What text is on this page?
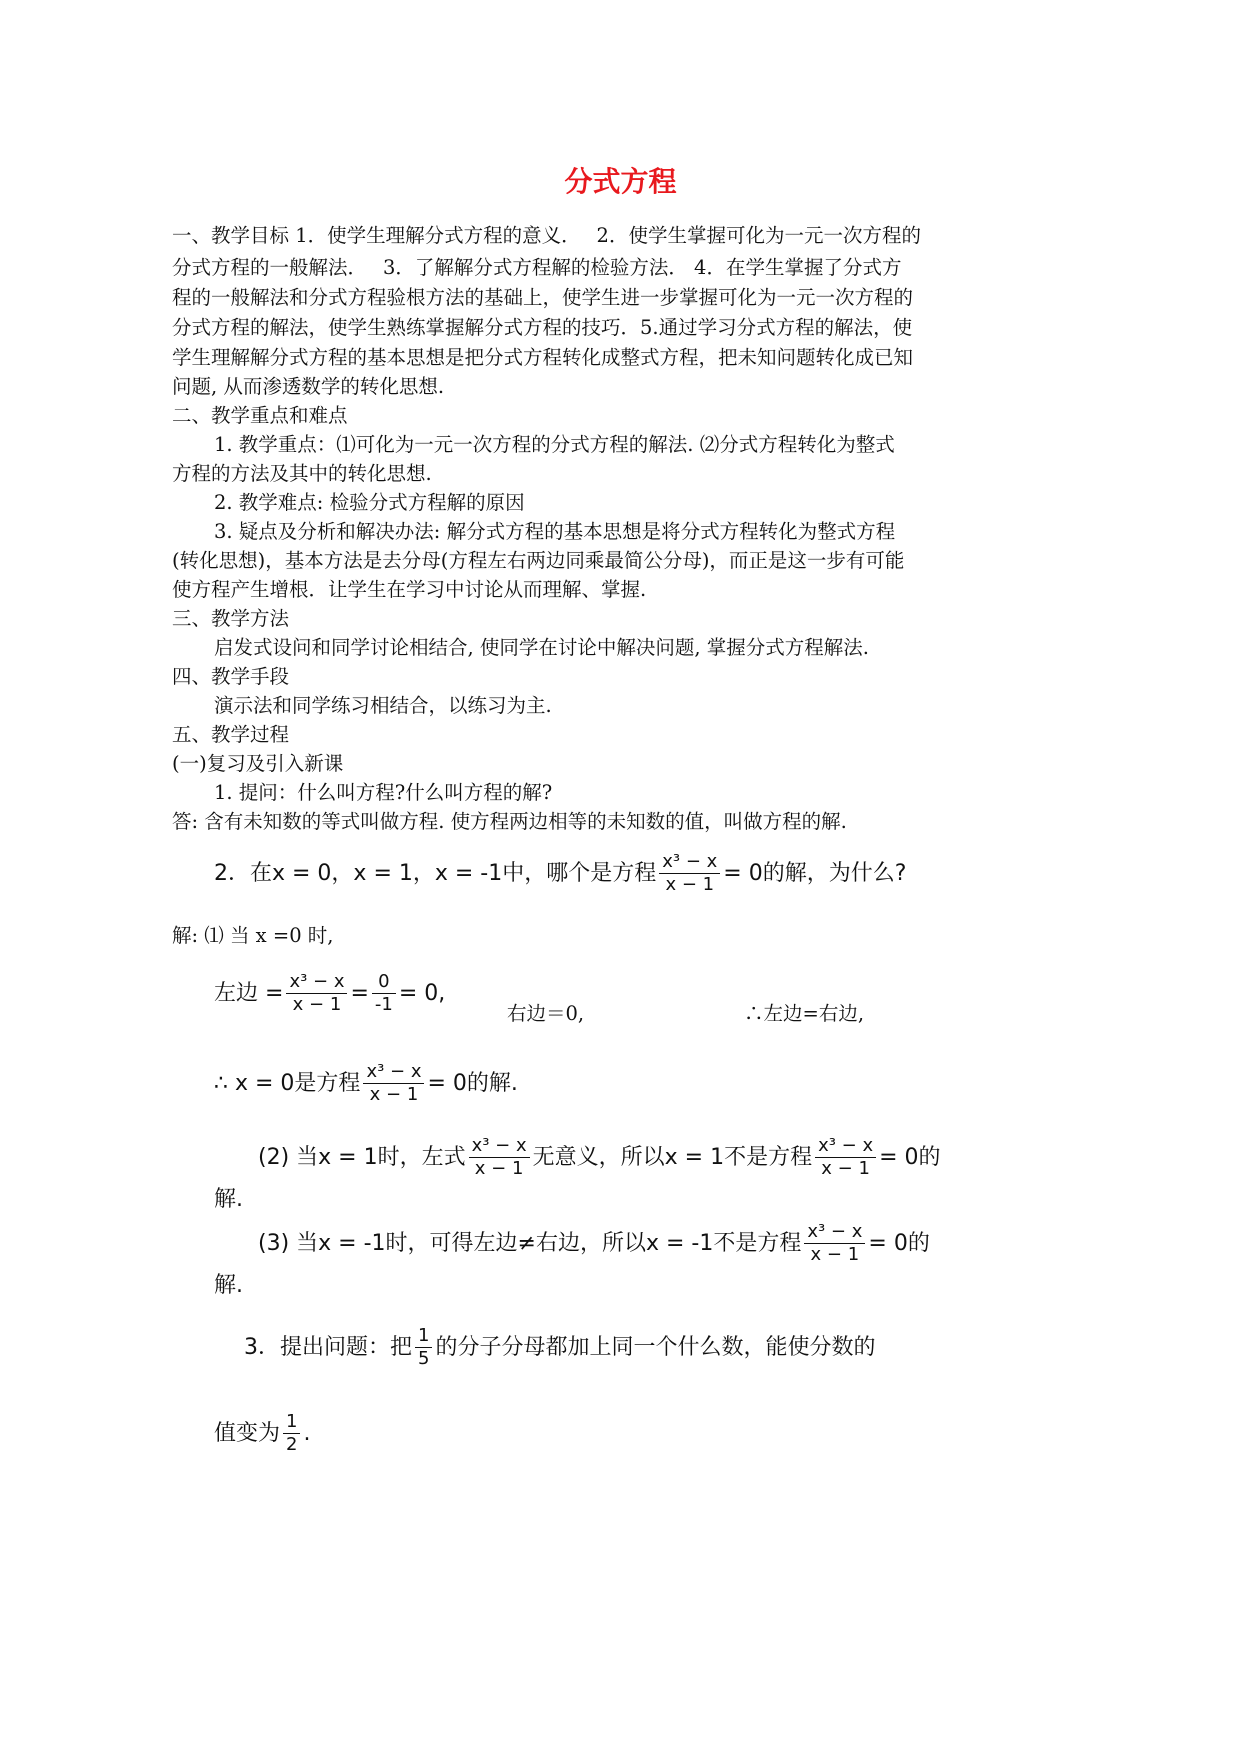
分式方程
一、教学目标 1．使学生理解分式方程的意义．　 2．使学生掌握可化为一元一次方程的
分式方程的一般解法．　 3．了解解分式方程解的检验方法． 4．在学生掌握了分式方
程的一般解法和分式方程验根方法的基础上，使学生进一步掌握可化为一元一次方程的
分式方程的解法，使学生熟练掌握解分式方程的技巧．5.通过学习分式方程的解法，使
学生理解解分式方程的基本思想是把分式方程转化成整式方程，把未知问题转化成已知
问题, 从而渗透数学的转化思想.
二、教学重点和难点
1. 教学重点：⑴可化为一元一次方程的分式方程的解法. ⑵分式方程转化为整式
方程的方法及其中的转化思想.
2. 教学难点: 检验分式方程解的原因
3. 疑点及分析和解决办法: 解分式方程的基本思想是将分式方程转化为整式方程
(转化思想)，基本方法是去分母(方程左右两边同乘最简公分母)，而正是这一步有可能
使方程产生增根．让学生在学习中讨论从而理解、掌握.
三、教学方法
启发式设问和同学讨论相结合, 使同学在讨论中解决问题, 掌握分式方程解法.
四、教学手段
演示法和同学练习相结合，以练习为主.
五、教学过程
(一)复习及引入新课
1. 提问：什么叫方程?什么叫方程的解?
答: 含有未知数的等式叫做方程. 使方程两边相等的未知数的值，叫做方程的解.
2．在x = 0，x = 1，x = -1中，哪个是方程 $\frac{\text{x³ − x}}{x - 1} = 0$的解，为什么?
解: ⑴ 当 x =0 时,
左边 = $\frac{\text{x³ − x}}{x - 1} = \frac{0}{-1} = 0$,
右边＝0,	∴左边=右边,
∴ x = 0是方程 $\frac{\text{x³ − x}}{x - 1} = 0$的解.
(2) 当x = 1时，左式 $\frac{\text{x³ − x}}{x - 1}$ 无意义，所以x = 1不是方程 $\frac{\text{x³ − x}}{x - 1} = 0$的
解.
(3) 当x = -1时，可得左边≠右边，所以x = -1不是方程 $\frac{\text{x³ − x}}{x - 1} = 0$的
解.
3．提出问题：把 $\frac{1}{5}$ 的分子分母都加上同一个什么数，能使分数的
值变为 $\frac{1}{2}$ .
